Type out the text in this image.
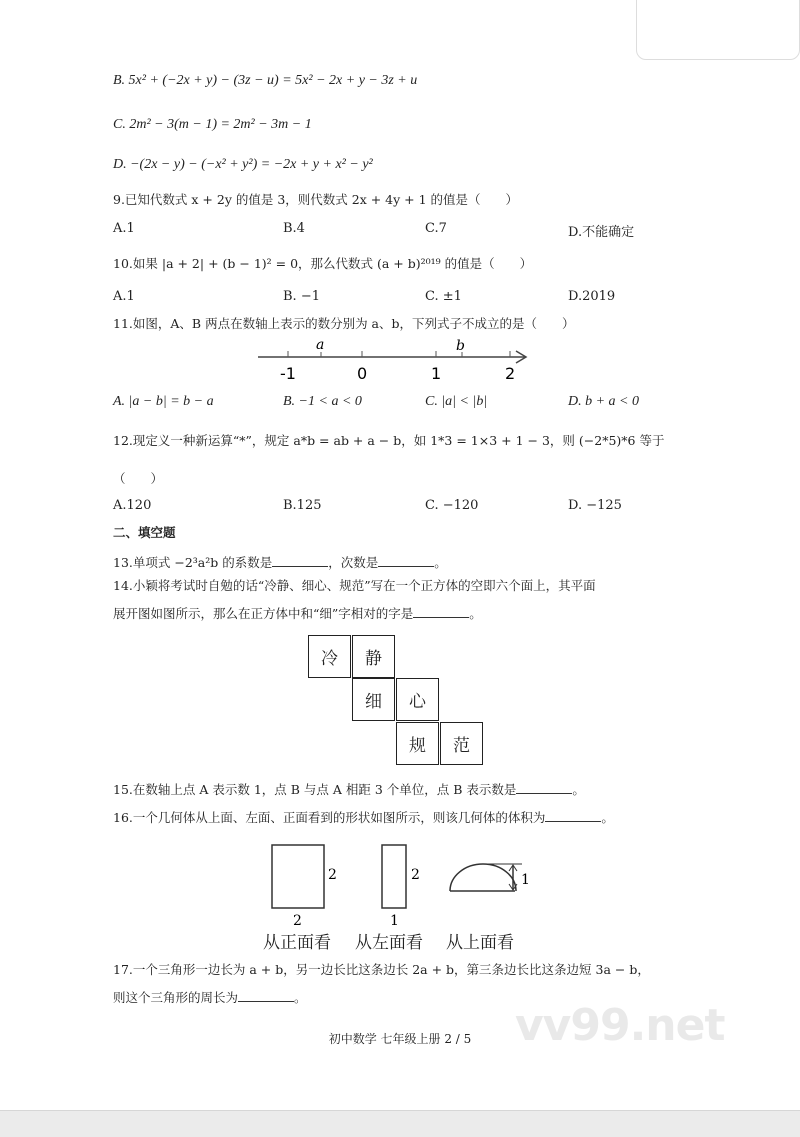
B. 5x² + (−2x + y) − (3z − u) = 5x² − 2x + y − 3z + u
C. 2m² − 3(m − 1) = 2m² − 3m − 1
D. −(2x − y) − (−x² + y²) = −2x + y + x² − y²
9.已知代数式 x + 2y 的值是 3，则代数式 2x + 4y + 1 的值是（　　）
A.1	B.4	C.7	D.不能确定
10.如果 |a + 2| + (b − 1)² = 0，那么代数式 (a + b)²⁰¹⁹ 的值是（　　）
A.1	B. −1	C. ±1	D.2019
11.如图，A、B 两点在数轴上表示的数分别为 a、b，下列式子不成立的是（　　）
-1	0	1	2
a	b
A. |a − b| = b − a	B. −1 < a < 0	C. |a| < |b|	D. b + a < 0
12.现定义一种新运算“*”，规定 a*b = ab + a − b，如 1*3 = 1×3 + 1 − 3，则 (−2*5)*6 等于
（　　）
A.120	B.125	C. −120	D. −125
二、填空题
13.单项式 −2³a²b 的系数是	，次数是	。
14.小颖将考试时自勉的话“冷静、细心、规范”写在一个正方体的空即六个面上，其平面
展开图如图所示，那么在正方体中和“细”字相对的字是	。
冷	静
细	心
规	范
15.在数轴上点 A 表示数 1，点 B 与点 A 相距 3 个单位，点 B 表示数是	。
16.一个几何体从上面、左面、正面看到的形状如图所示，则该几何体的体积为	。
2
2
2
1
1
从正面看 从左面看 从上面看
17.一个三角形一边长为 a + b，另一边长比这条边长 2a + b，第三条边长比这条边短 3a − b，
则这个三角形的周长为	。
vv99.net
初中数学 七年级上册 2 / 5
